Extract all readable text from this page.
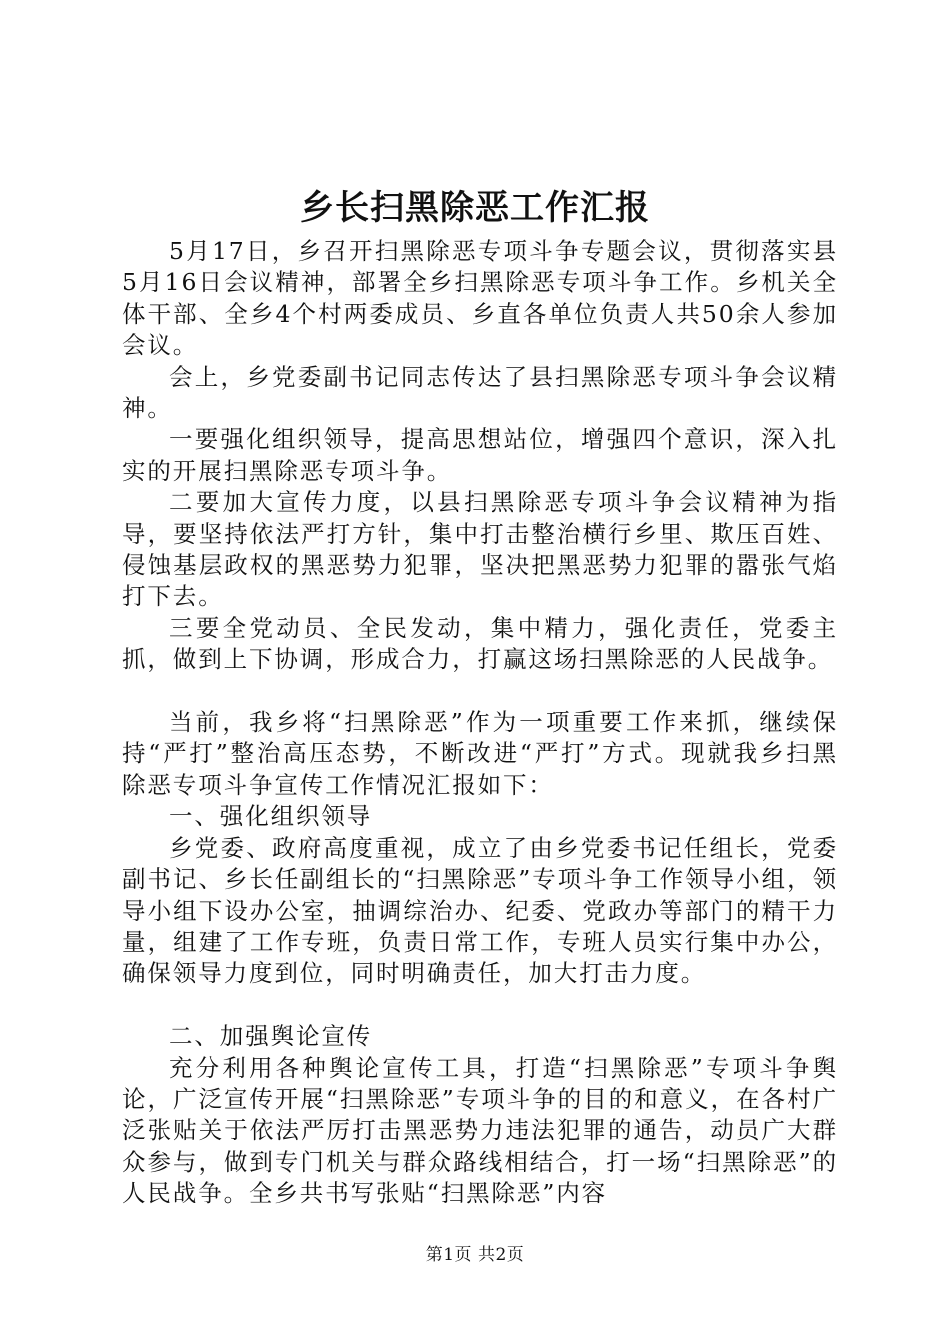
乡长扫黑除恶工作汇报

5月17日，乡召开扫黑除恶专项斗争专题会议，贯彻落实县5月16日会议精神，部署全乡扫黑除恶专项斗争工作。乡机关全体干部、全乡4个村两委成员、乡直各单位负责人共50余人参加会议。

会上，乡党委副书记同志传达了县扫黑除恶专项斗争会议精神。

一要强化组织领导，提高思想站位，增强四个意识，深入扎实的开展扫黑除恶专项斗争。

二要加大宣传力度，以县扫黑除恶专项斗争会议精神为指导，要坚持依法严打方针，集中打击整治横行乡里、欺压百姓、侵蚀基层政权的黑恶势力犯罪，坚决把黑恶势力犯罪的嚣张气焰打下去。

三要全党动员、全民发动，集中精力，强化责任，党委主抓，做到上下协调，形成合力，打赢这场扫黑除恶的人民战争。

当前，我乡将“扫黑除恶”作为一项重要工作来抓，继续保持“严打”整治高压态势，不断改进“严打”方式。现就我乡扫黑除恶专项斗争宣传工作情况汇报如下：

一、强化组织领导

乡党委、政府高度重视，成立了由乡党委书记任组长，党委副书记、乡长任副组长的“扫黑除恶”专项斗争工作领导小组，领导小组下设办公室，抽调综治办、纪委、党政办等部门的精干力量，组建了工作专班，负责日常工作，专班人员实行集中办公，确保领导力度到位，同时明确责任，加大打击力度。

二、加强舆论宣传

充分利用各种舆论宣传工具，打造“扫黑除恶”专项斗争舆论，广泛宣传开展“扫黑除恶”专项斗争的目的和意义，在各村广泛张贴关于依法严厉打击黑恶势力违法犯罪的通告，动员广大群众参与，做到专门机关与群众路线相结合，打一场“扫黑除恶”的人民战争。全乡共书写张贴“扫黑除恶”内容

第1页 共2页
